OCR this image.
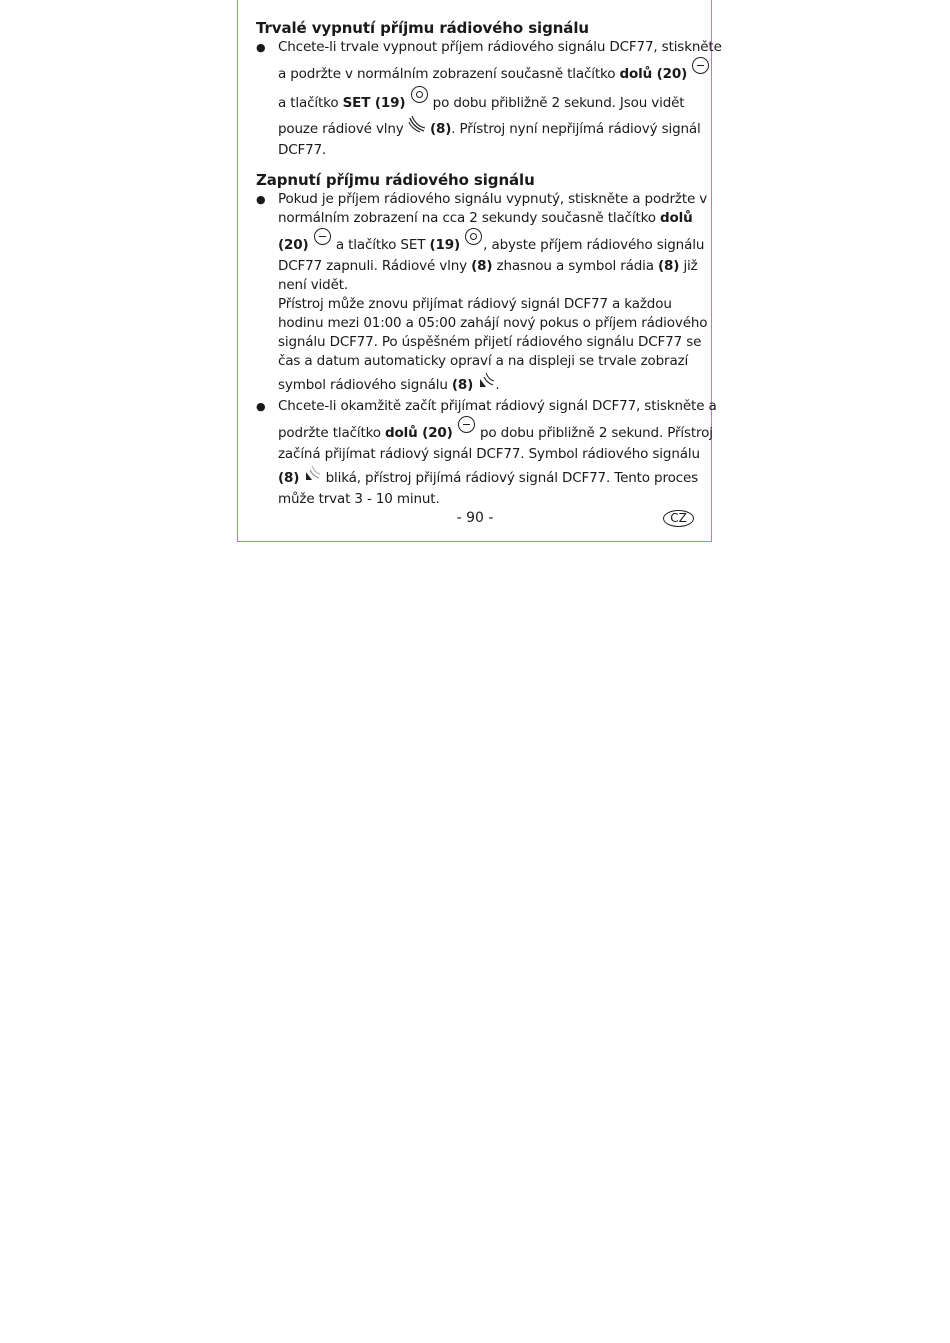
Trvalé vypnutí příjmu rádiového signálu

● Chcete-li trvale vypnout příjem rádiového signálu DCF77, stiskněte
a podržte v normálním zobrazení současně tlačítko dolů (20)
a tlačítko SET (19)  po dobu přibližně 2 sekund. Jsou vidět
pouze rádiové vlny
(8). Přístroj nyní nepřijímá rádiový signál
DCF77.

Zapnutí příjmu rádiového signálu

● Pokud je příjem rádiového signálu vypnutý, stiskněte a podržte v
normálním zobrazení na cca 2 sekundy současně tlačítko dolů
(20)  a tlačítko SET (19) , abyste příjem rádiového signálu
DCF77 zapnuli. Rádiové vlny (8) zhasnou a symbol rádia (8) již
není vidět.
Přístroj může znovu přijímat rádiový signál DCF77 a každou
hodinu mezi 01:00 a 05:00 zahájí nový pokus o příjem rádiového
signálu DCF77. Po úspěšném přijetí rádiového signálu DCF77 se
čas a datum automaticky opraví a na displeji se trvale zobrazí
symbol rádiového signálu (8) .
● Chcete-li okamžitě začít přijímat rádiový signál DCF77, stiskněte a
podržte tlačítko dolů (20)  po dobu přibližně 2 sekund. Přístroj
začíná přijímat rádiový signál DCF77. Symbol rádiového signálu
(8)
bliká, přístroj přijímá rádiový signál DCF77. Tento proces
může trvat 3 - 10 minut.
- 90 -	CZ
